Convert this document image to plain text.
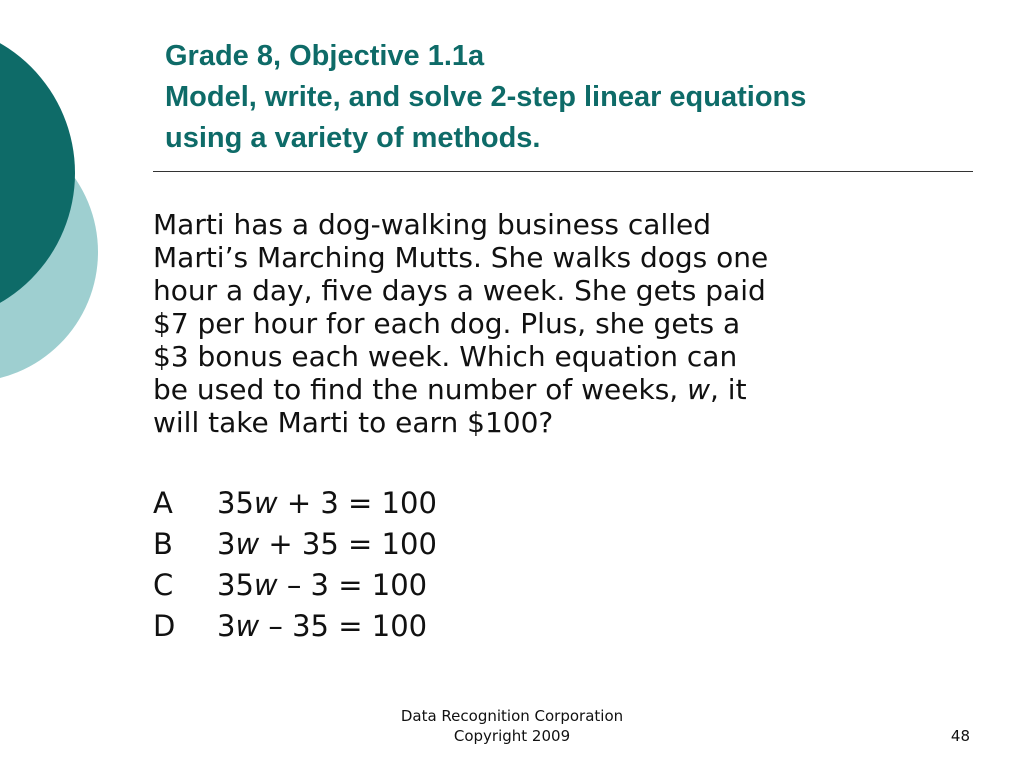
Grade 8, Objective 1.1a
Model, write, and solve 2-step linear equations
using a variety of methods.
Marti has a dog-walking business called
Marti’s Marching Mutts. She walks dogs one
hour a day, five days a week. She gets paid
$7 per hour for each dog. Plus, she gets a
$3 bonus each week. Which equation can
be used to find the number of weeks, w, it
will take Marti to earn $100?
A	35w + 3 = 100
B	3w + 35 = 100
C	35w – 3 = 100
D	3w – 35 = 100
Data Recognition Corporation
Copyright 2009	48
